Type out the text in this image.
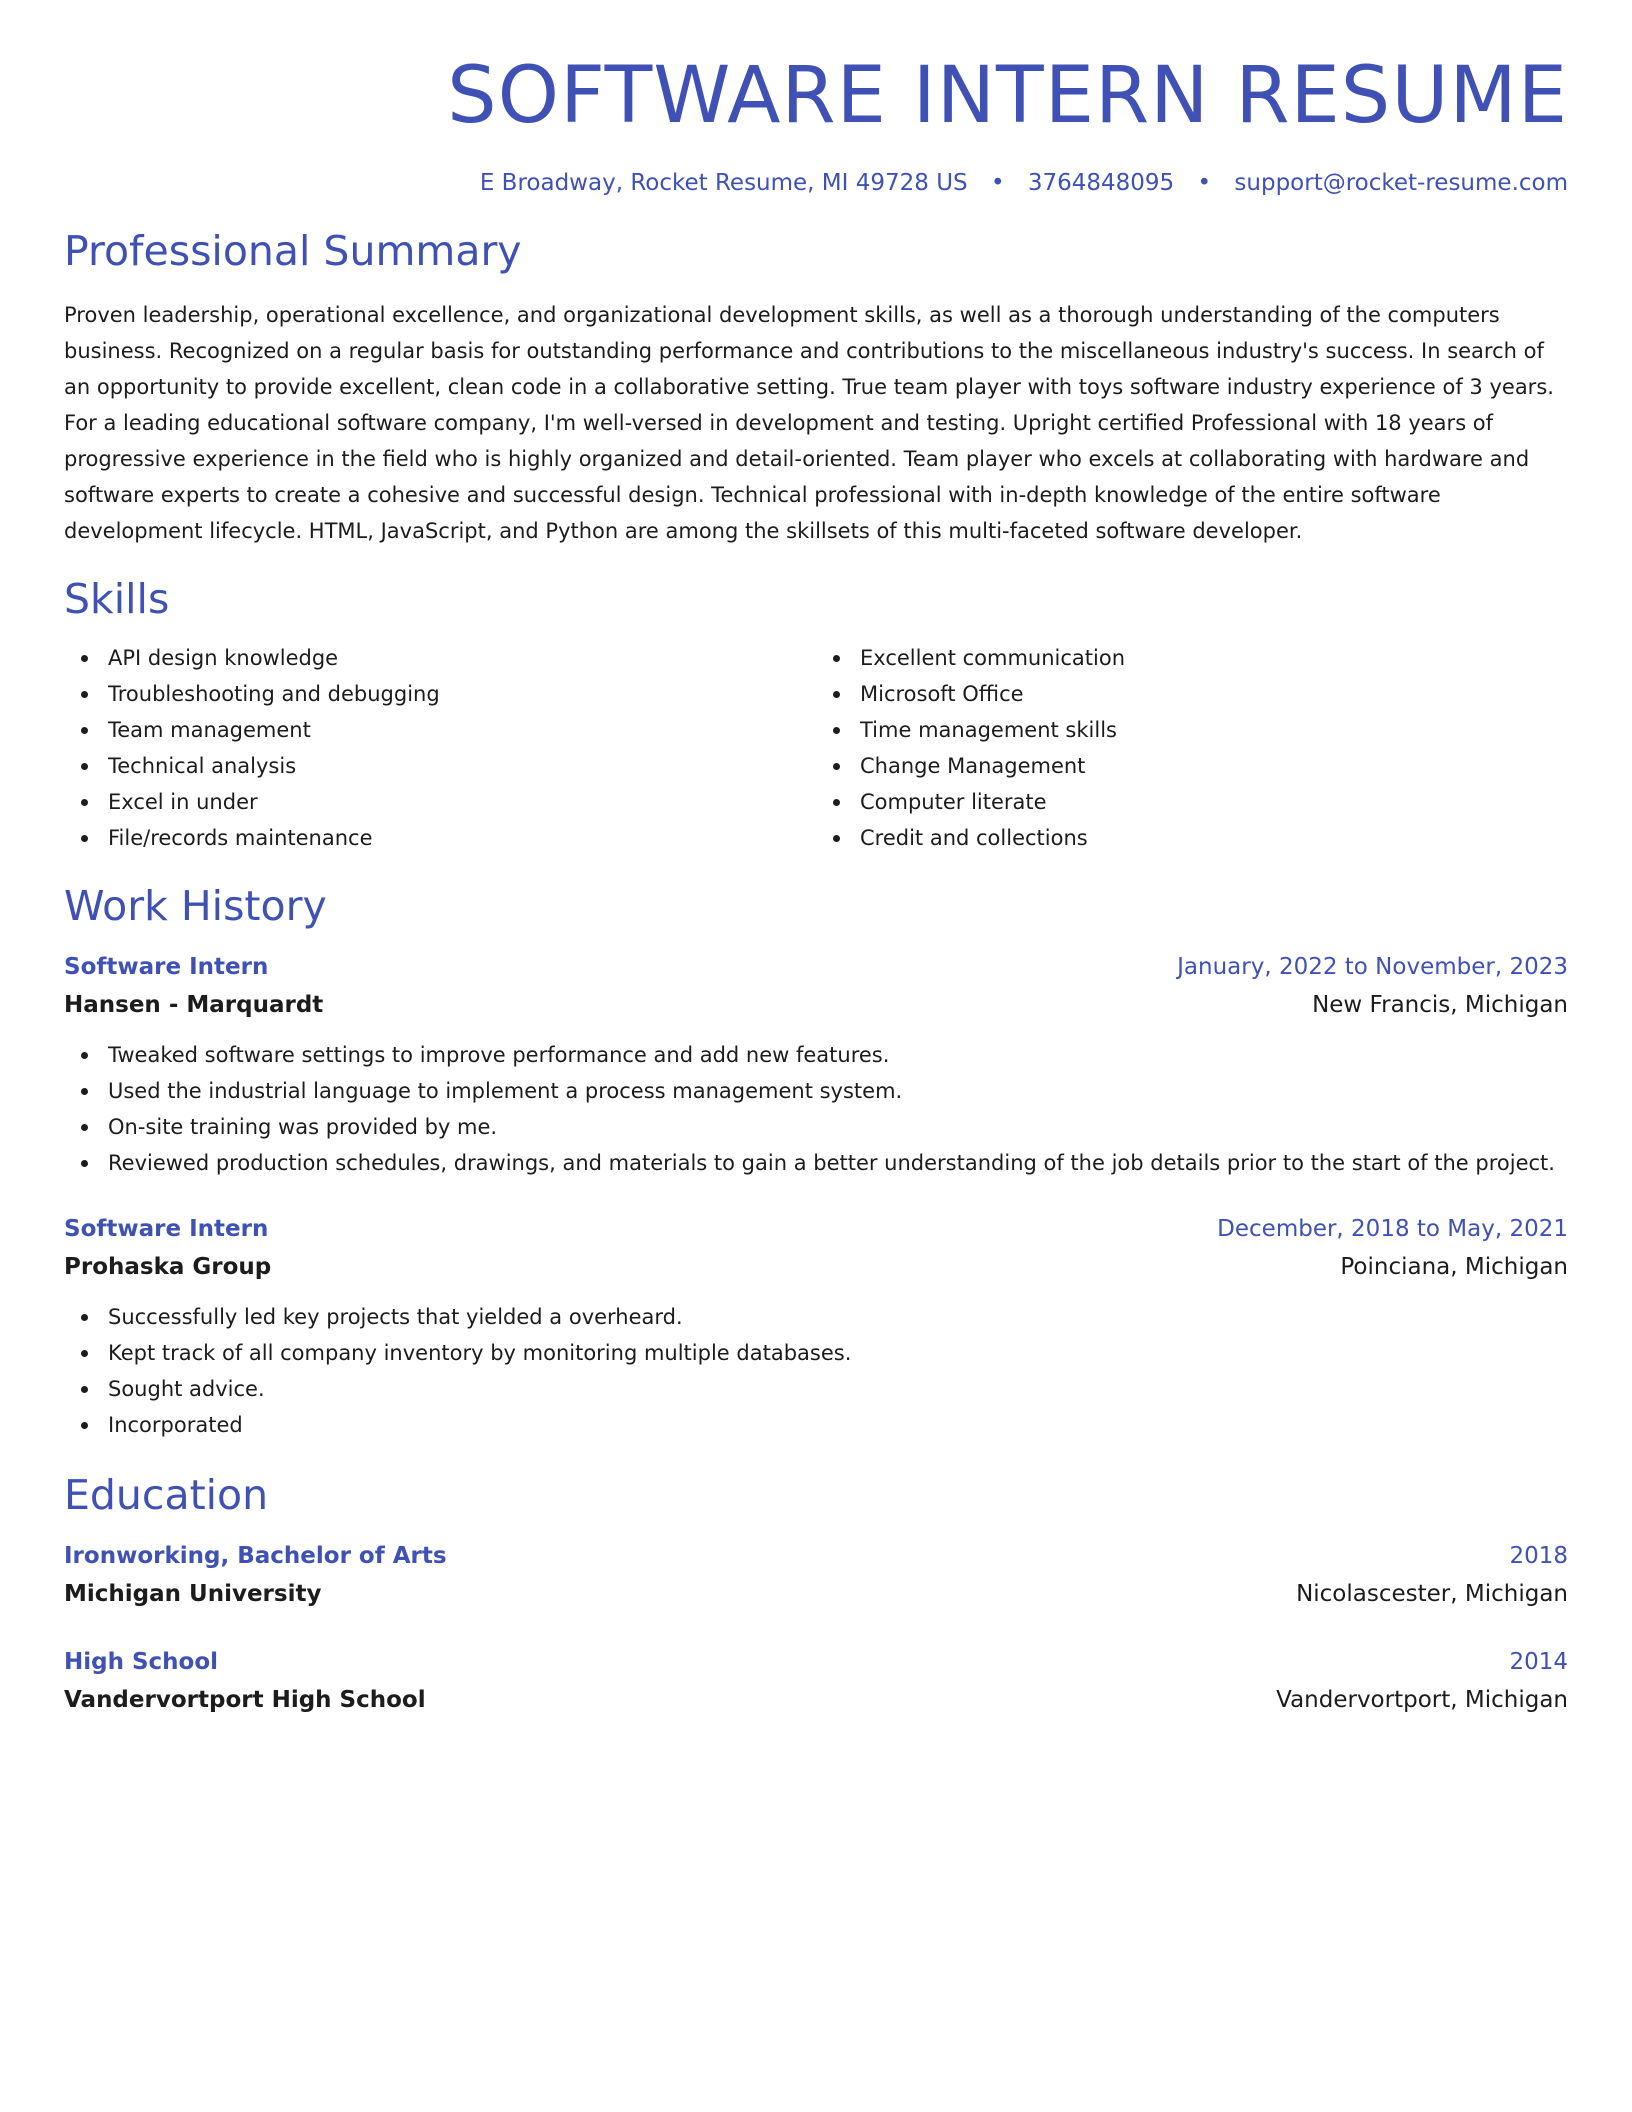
SOFTWARE INTERN RESUME
E Broadway, Rocket Resume, MI 49728 US • 3764848095 • support@rocket-resume.com
Professional Summary
Proven leadership, operational excellence, and organizational development skills, as well as a thorough understanding of the computers business. Recognized on a regular basis for outstanding performance and contributions to the miscellaneous industry's success. In search of an opportunity to provide excellent, clean code in a collaborative setting. True team player with toys software industry experience of 3 years. For a leading educational software company, I'm well-versed in development and testing. Upright certified Professional with 18 years of progressive experience in the field who is highly organized and detail-oriented. Team player who excels at collaborating with hardware and software experts to create a cohesive and successful design. Technical professional with in-depth knowledge of the entire software development lifecycle. HTML, JavaScript, and Python are among the skillsets of this multi-faceted software developer.
Skills
API design knowledge
Troubleshooting and debugging
Team management
Technical analysis
Excel in under
File/records maintenance
Excellent communication
Microsoft Office
Time management skills
Change Management
Computer literate
Credit and collections
Work History
Software Intern	January, 2022 to November, 2023
Hansen - Marquardt	New Francis, Michigan
Tweaked software settings to improve performance and add new features.
Used the industrial language to implement a process management system.
On-site training was provided by me.
Reviewed production schedules, drawings, and materials to gain a better understanding of the job details prior to the start of the project.
Software Intern	December, 2018 to May, 2021
Prohaska Group	Poinciana, Michigan
Successfully led key projects that yielded a overheard.
Kept track of all company inventory by monitoring multiple databases.
Sought advice.
Incorporated
Education
Ironworking, Bachelor of Arts	2018
Michigan University	Nicolascester, Michigan
High School	2014
Vandervortport High School	Vandervortport, Michigan
